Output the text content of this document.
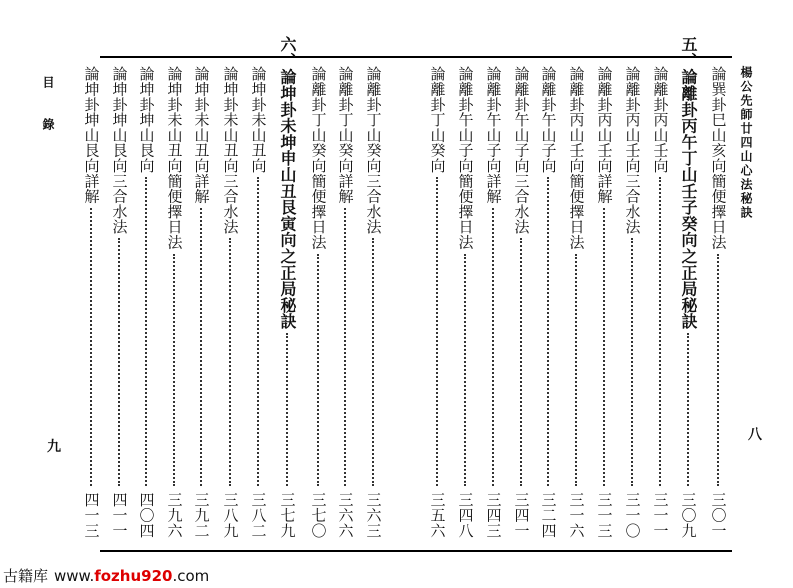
楊公先師廿四山心法秘訣
八
目 錄
九
論巽卦巳山亥向簡便擇日法
三〇一
五、論離卦丙午丁山壬子癸向之正局秘訣
三〇九
論離卦丙山壬向
三一一
論離卦丙山壬向三合水法
三一〇
論離卦丙山壬向詳解
三一三
論離卦丙山壬向簡便擇日法
三一六
論離卦午山子向
三二四
論離卦午山子向三合水法
三四一
論離卦午山子向詳解
三四三
論離卦午山子向簡便擇日法
三四八
論離卦丁山癸向
三五六
論離卦丁山癸向三合水法
三六三
論離卦丁山癸向詳解
三六六
論離卦丁山癸向簡便擇日法
三七〇
六、論坤卦未坤申山丑艮寅向之正局秘訣
三七九
論坤卦未山丑向
三八二
論坤卦未山丑向三合水法
三八九
論坤卦未山丑向詳解
三九二
論坤卦未山丑向簡便擇日法
三九六
論坤卦坤山艮向
四〇四
論坤卦坤山艮向三合水法
四一一
論坤卦坤山艮向詳解
四一三
古籍库 www. fozhu920 .com
